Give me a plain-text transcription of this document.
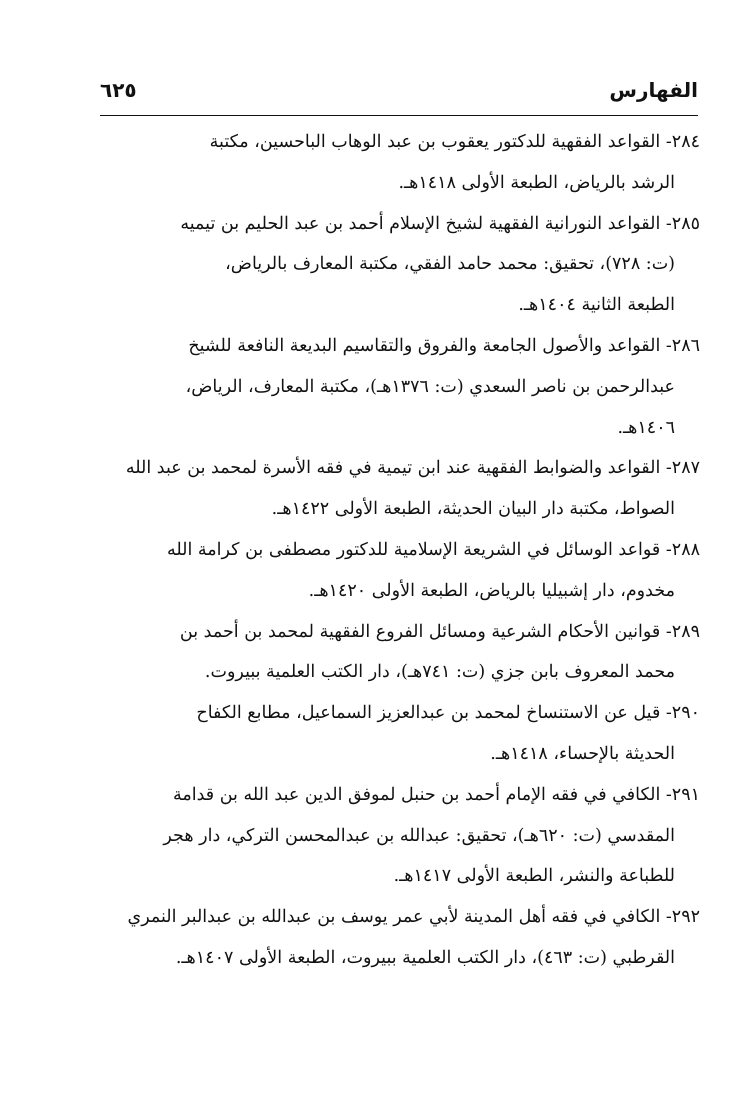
الفهارس
٦٢٥
٢٨٤- القواعد الفقهية للدكتور يعقوب بن عبد الوهاب الباحسين، مكتبة
الرشد بالرياض، الطبعة الأولى ١٤١٨هـ.
٢٨٥- القواعد النورانية الفقهية لشيخ الإسلام أحمد بن عبد الحليم بن تيميه
(ت: ٧٢٨)، تحقيق: محمد حامد الفقي، مكتبة المعارف بالرياض،
الطبعة الثانية ١٤٠٤هـ.
٢٨٦- القواعد والأصول الجامعة والفروق والتقاسيم البديعة النافعة للشيخ
عبدالرحمن بن ناصر السعدي (ت: ١٣٧٦هـ)، مكتبة المعارف، الرياض،
١٤٠٦هـ.
٢٨٧- القواعد والضوابط الفقهية عند ابن تيمية في فقه الأسرة لمحمد بن عبد الله
الصواط، مكتبة دار البيان الحديثة، الطبعة الأولى ١٤٢٢هـ.
٢٨٨- قواعد الوسائل في الشريعة الإسلامية للدكتور مصطفى بن كرامة الله
مخدوم، دار إشبيليا بالرياض، الطبعة الأولى ١٤٢٠هـ.
٢٨٩- قوانين الأحكام الشرعية ومسائل الفروع الفقهية لمحمد بن أحمد بن
محمد المعروف بابن جزي (ت: ٧٤١هـ)، دار الكتب العلمية ببيروت.
٢٩٠- قيل عن الاستنساخ لمحمد بن عبدالعزيز السماعيل، مطابع الكفاح
الحديثة بالإحساء، ١٤١٨هـ.
٢٩١- الكافي في فقه الإمام أحمد بن حنبل لموفق الدين عبد الله بن قدامة
المقدسي (ت: ٦٢٠هـ)، تحقيق: عبدالله بن عبدالمحسن التركي، دار هجر
للطباعة والنشر، الطبعة الأولى ١٤١٧هـ.
٢٩٢- الكافي في فقه أهل المدينة لأبي عمر يوسف بن عبدالله بن عبدالبر النمري
القرطبي (ت: ٤٦٣)، دار الكتب العلمية ببيروت، الطبعة الأولى ١٤٠٧هـ.
